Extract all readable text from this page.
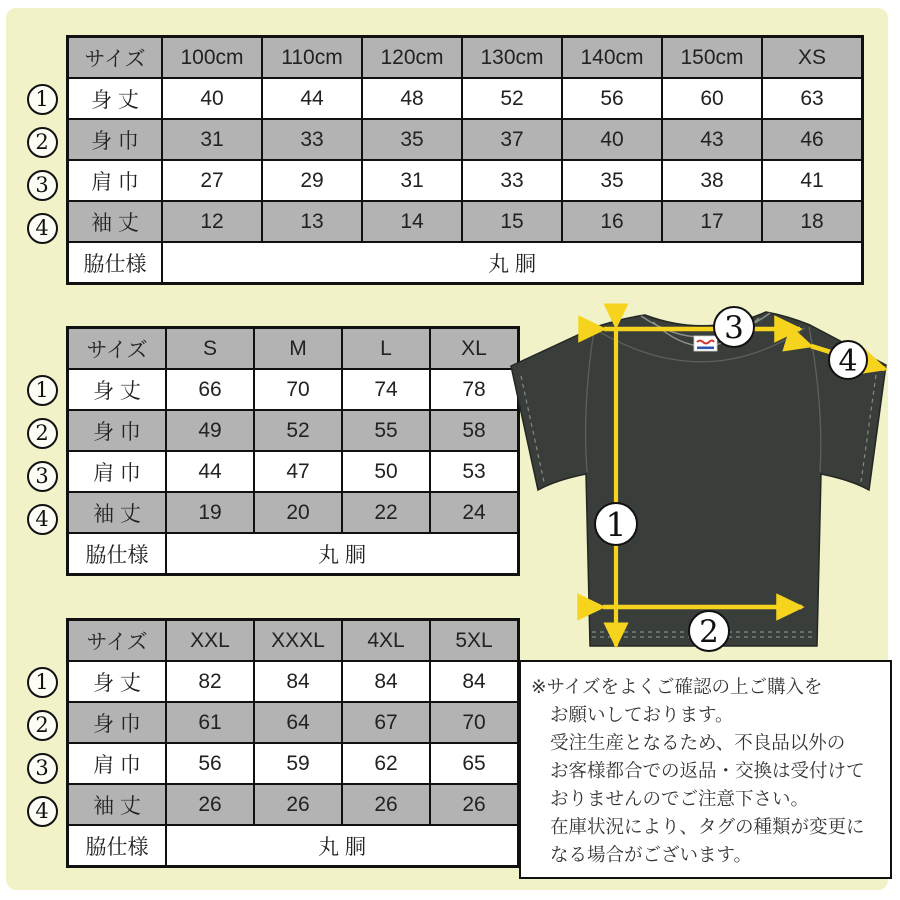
1
2
3
4
サイズ	100cm	110cm	120cm	130cm	140cm	150cm	XS
身 丈	40	44	48	52	56	60	63
身 巾	31	33	35	37	40	43	46
肩 巾	27	29	31	33	35	38	41
袖 丈	12	13	14	15	16	17	18
脇仕様	丸 胴						
1
2
3
4
サイズ	S	M	L	XL
身 丈	66	70	74	78
身 巾	49	52	55	58
肩 巾	44	47	50	53
袖 丈	19	20	22	24
脇仕様	丸 胴			
1
2
3
4
サイズ	XXL	XXXL	4XL	5XL
身 丈	82	84	84	84
身 巾	61	64	67	70
肩 巾	56	59	62	65
袖 丈	26	26	26	26
脇仕様	丸 胴			
3
4
1
2
※サイズをよくご確認の上ご購入を
お願いしております。
受注生産となるため、不良品以外の
お客様都合での返品・交換は受付けて
おりませんのでご注意下さい。
在庫状況により、タグの種類が変更に
なる場合がございます。
